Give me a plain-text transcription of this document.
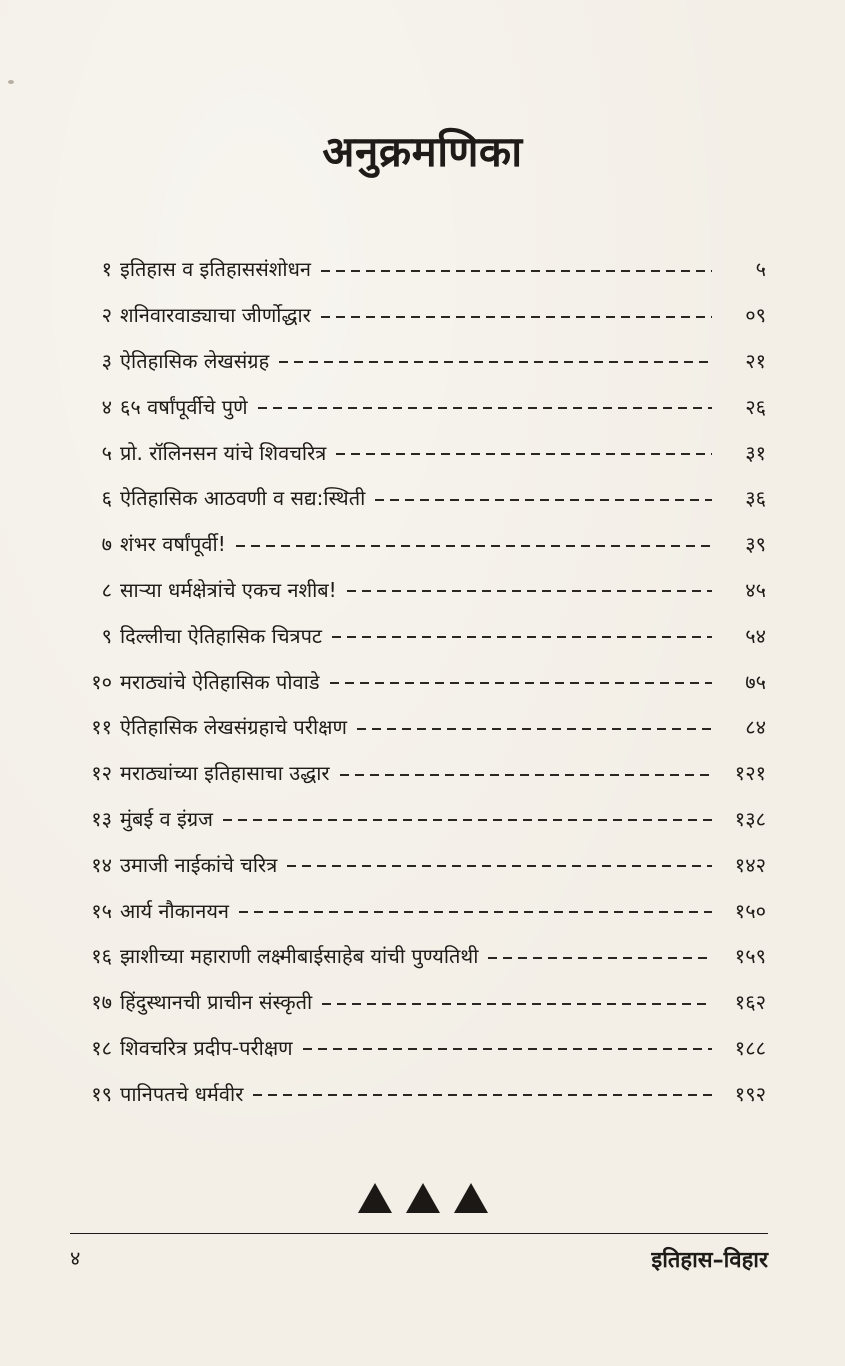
अनुक्रमणिका
१ इतिहास व इतिहाससंशोधन	५
२ शनिवारवाड्याचा जीर्णोद्धार	०९
३ ऐतिहासिक लेखसंग्रह	२१
४ ६५ वर्षांपूर्वीचे पुणे	२६
५ प्रो. रॉलिनसन यांचे शिवचरित्र	३१
६ ऐतिहासिक आठवणी व सद्य:स्थिती	३६
७ शंभर वर्षांपूर्वी!	३९
८ साऱ्या धर्मक्षेत्रांचे एकच नशीब!	४५
९ दिल्लीचा ऐतिहासिक चित्रपट	५४
१० मराठ्यांचे ऐतिहासिक पोवाडे	७५
११ ऐतिहासिक लेखसंग्रहाचे परीक्षण	८४
१२ मराठ्यांच्या इतिहासाचा उद्धार	१२१
१३ मुंबई व इंग्रज	१३८
१४ उमाजी नाईकांचे चरित्र	१४२
१५ आर्य नौकानयन	१५०
१६ झाशीच्या महाराणी लक्ष्मीबाईसाहेब यांची पुण्यतिथी	१५९
१७ हिंदुस्थानची प्राचीन संस्कृती	१६२
१८ शिवचरित्र प्रदीप-परीक्षण	१८८
१९ पानिपतचे धर्मवीर	१९२
४	इतिहास–विहार
